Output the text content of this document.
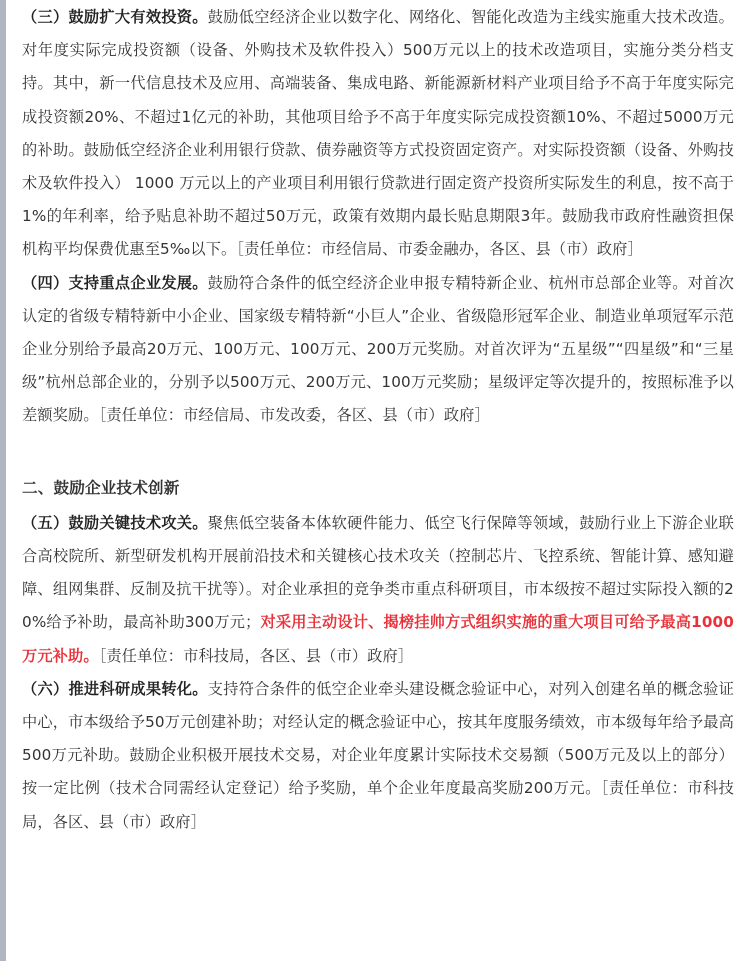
（三）鼓励扩大有效投资。鼓励低空经济企业以数字化、网络化、智能化改造为主线实施重大技术改造。对年度实际完成投资额（设备、外购技术及软件投入）500万元以上的技术改造项目，实施分类分档支持。其中，新一代信息技术及应用、高端装备、集成电路、新能源新材料产业项目给予不高于年度实际完成投资额20%、不超过1亿元的补助，其他项目给予不高于年度实际完成投资额10%、不超过5000万元的补助。鼓励低空经济企业利用银行贷款、债券融资等方式投资固定资产。对实际投资额（设备、外购技术及软件投入） 1000 万元以上的产业项目利用银行贷款进行固定资产投资所实际发生的利息，按不高于1%的年利率，给予贴息补助不超过50万元，政策有效期内最长贴息期限3年。鼓励我市政府性融资担保机构平均保费优惠至5‰以下。［责任单位：市经信局、市委金融办，各区、县（市）政府］

（四）支持重点企业发展。鼓励符合条件的低空经济企业申报专精特新企业、杭州市总部企业等。对首次认定的省级专精特新中小企业、国家级专精特新“小巨人”企业、省级隐形冠军企业、制造业单项冠军示范企业分别给予最高20万元、100万元、100万元、200万元奖励。对首次评为“五星级”“四星级”和“三星级”杭州总部企业的，分别予以500万元、200万元、100万元奖励；星级评定等次提升的，按照标准予以差额奖励。［责任单位：市经信局、市发改委，各区、县（市）政府］

二、鼓励企业技术创新

（五）鼓励关键技术攻关。聚焦低空装备本体软硬件能力、低空飞行保障等领域，鼓励行业上下游企业联合高校院所、新型研发机构开展前沿技术和关键核心技术攻关（控制芯片、飞控系统、智能计算、感知避障、组网集群、反制及抗干扰等）。对企业承担的竞争类市重点科研项目，市本级按不超过实际投入额的20%给予补助，最高补助300万元；对采用主动设计、揭榜挂帅方式组织实施的重大项目可给予最高1000万元补助。［责任单位：市科技局，各区、县（市）政府］

（六）推进科研成果转化。支持符合条件的低空企业牵头建设概念验证中心，对列入创建名单的概念验证中心，市本级给予50万元创建补助；对经认定的概念验证中心，按其年度服务绩效，市本级每年给予最高500万元补助。鼓励企业积极开展技术交易，对企业年度累计实际技术交易额（500万元及以上的部分）按一定比例（技术合同需经认定登记）给予奖励，单个企业年度最高奖励200万元。［责任单位：市科技局，各区、县（市）政府］
